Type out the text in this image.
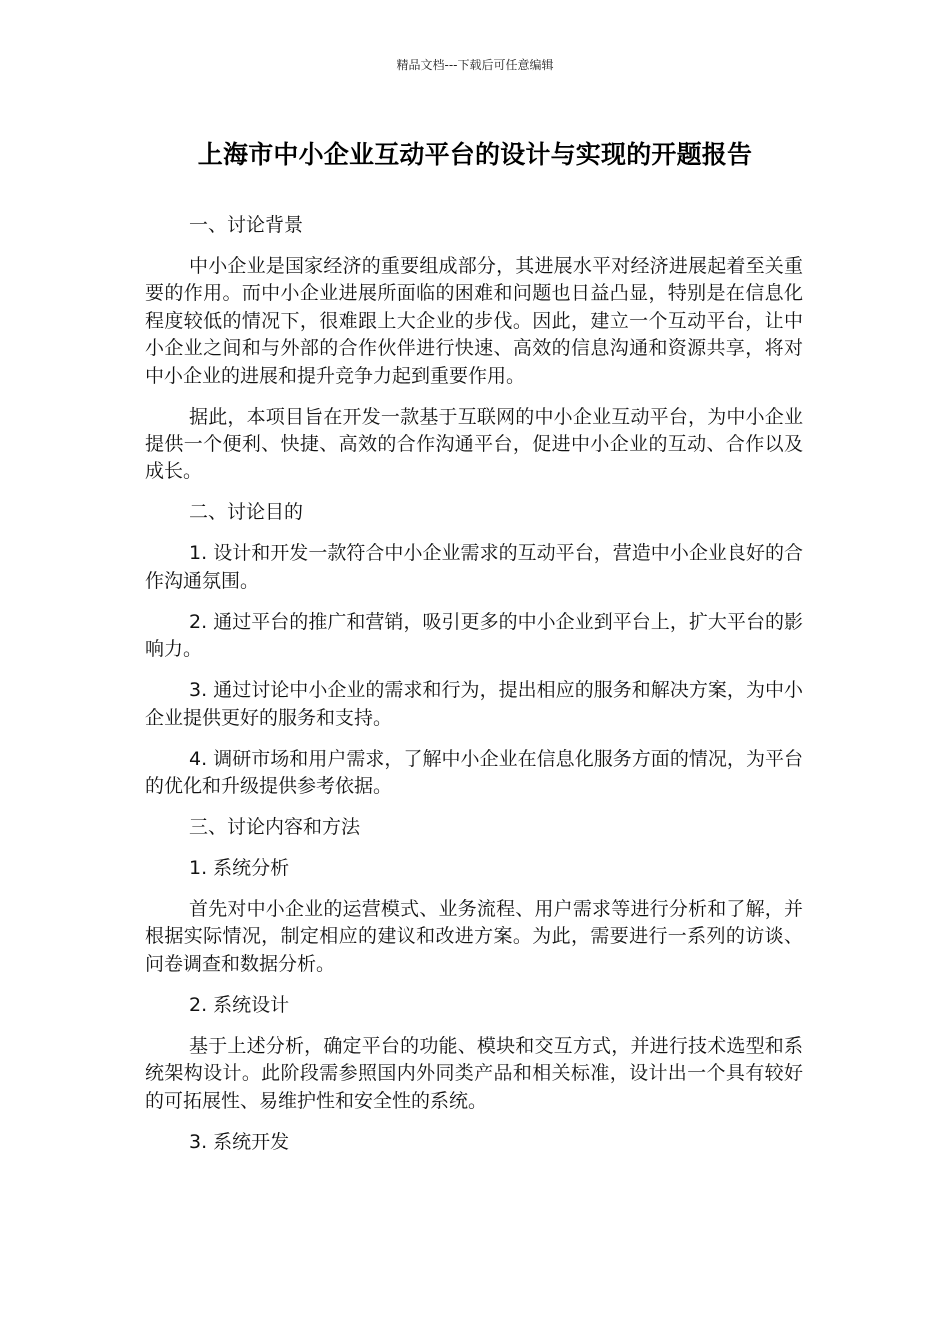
精品文档---下载后可任意编辑
上海市中小企业互动平台的设计与实现的开题报告

一、讨论背景

中小企业是国家经济的重要组成部分，其进展水平对经济进展起着至关重要的作用。而中小企业进展所面临的困难和问题也日益凸显，特别是在信息化程度较低的情况下，很难跟上大企业的步伐。因此，建立一个互动平台，让中小企业之间和与外部的合作伙伴进行快速、高效的信息沟通和资源共享，将对中小企业的进展和提升竞争力起到重要作用。

据此，本项目旨在开发一款基于互联网的中小企业互动平台，为中小企业提供一个便利、快捷、高效的合作沟通平台，促进中小企业的互动、合作以及成长。

二、讨论目的

1. 设计和开发一款符合中小企业需求的互动平台，营造中小企业良好的合作沟通氛围。

2. 通过平台的推广和营销，吸引更多的中小企业到平台上，扩大平台的影响力。

3. 通过讨论中小企业的需求和行为，提出相应的服务和解决方案，为中小企业提供更好的服务和支持。

4. 调研市场和用户需求，了解中小企业在信息化服务方面的情况，为平台的优化和升级提供参考依据。

三、讨论内容和方法

1. 系统分析

首先对中小企业的运营模式、业务流程、用户需求等进行分析和了解，并根据实际情况，制定相应的建议和改进方案。为此，需要进行一系列的访谈、问卷调查和数据分析。

2. 系统设计

基于上述分析，确定平台的功能、模块和交互方式，并进行技术选型和系统架构设计。此阶段需参照国内外同类产品和相关标准，设计出一个具有较好的可拓展性、易维护性和安全性的系统。

3. 系统开发
